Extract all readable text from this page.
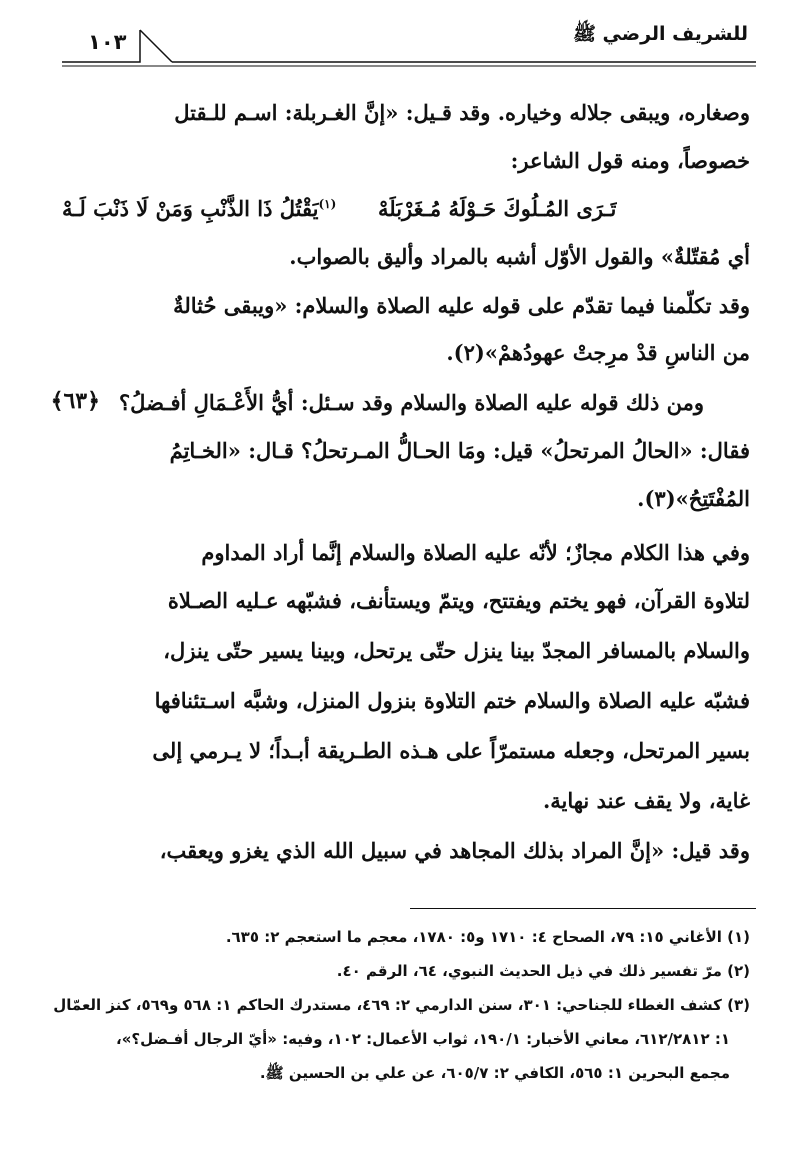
للشريف الرضي ﷺ
١٠٣
وصغاره، ويبقى جلاله وخياره. وقد قـيل: «إنَّ الغـربلة: اسـم للـقتل
خصوصاً، ومنه قول الشاعر:
تَـرَى المُـلُوكَ حَـوْلَهُ مُـغَرْبَلَهْ
$^{(١)}$يَقْتُلُ ذَا الذَّنْبِ وَمَنْ لَا ذَنْبَ لَـهْ
أي مُقتّلةٌ» والقول الأوّل أشبه بالمراد وأليق بالصواب.
وقد تكلّمنا فيما تقدّم على قوله عليه الصلاة والسلام: «ويبقى حُثالةٌ
من الناسِ قدْ مرِجتْ عهودُهمْ»(٢).
﴿٦٣﴾ ومن ذلك قوله عليه الصلاة والسلام وقد سـئل: أيُّ الأَعْـمَالِ أفـضلُ؟
فقال: «الحالُ المرتحلُ» قيل: ومَا الحـالُّ المـرتحلُ؟ قـال: «الخـاتِمُ
المُفْتَتِحُ»(٣).
وفي هذا الكلام مجازٌ؛ لأنّه عليه الصلاة والسلام إنَّما أراد المداوم
لتلاوة القرآن، فهو يختم ويفتتح، ويتمّ ويستأنف، فشبّهه عـليه الصـلاة
والسلام بالمسافر المجدّ بينا ينزل حتّى يرتحل، وبينا يسير حتّى ينزل،
فشبّه عليه الصلاة والسلام ختم التلاوة بنزول المنزل، وشبَّه اسـتئنافها
بسير المرتحل، وجعله مستمرّاً على هـذه الطـريقة أبـداً؛ لا يـرمي إلى
غاية، ولا يقف عند نهاية.
وقد قيل: «إنَّ المراد بذلك المجاهد في سبيل الله الذي يغزو ويعقب،
(١) الأغاني ١٥: ٧٩، الصحاح ٤: ١٧١٠ و٥: ١٧٨٠، معجم ما استعجم ٢: ٦٣٥.
(٢) مرّ تفسير ذلك في ذيل الحديث النبوي، ٦٤، الرقم ٤٠.
(٣) كشف الغطاء للجناحي: ٣٠١، سنن الدارمي ٢: ٤٦٩، مستدرك الحاكم ١: ٥٦٨ و٥٦٩، كنز العمّال
١: ٦١٢/٢٨١٢، معاني الأخبار: ١٩٠/١، ثواب الأعمال: ١٠٢، وفيه: «أيّ الرجال أفـضل؟»،
مجمع البحرين ١: ٥٦٥، الكافي ٢: ٦٠٥/٧، عن علي بن الحسين ﷺ.
